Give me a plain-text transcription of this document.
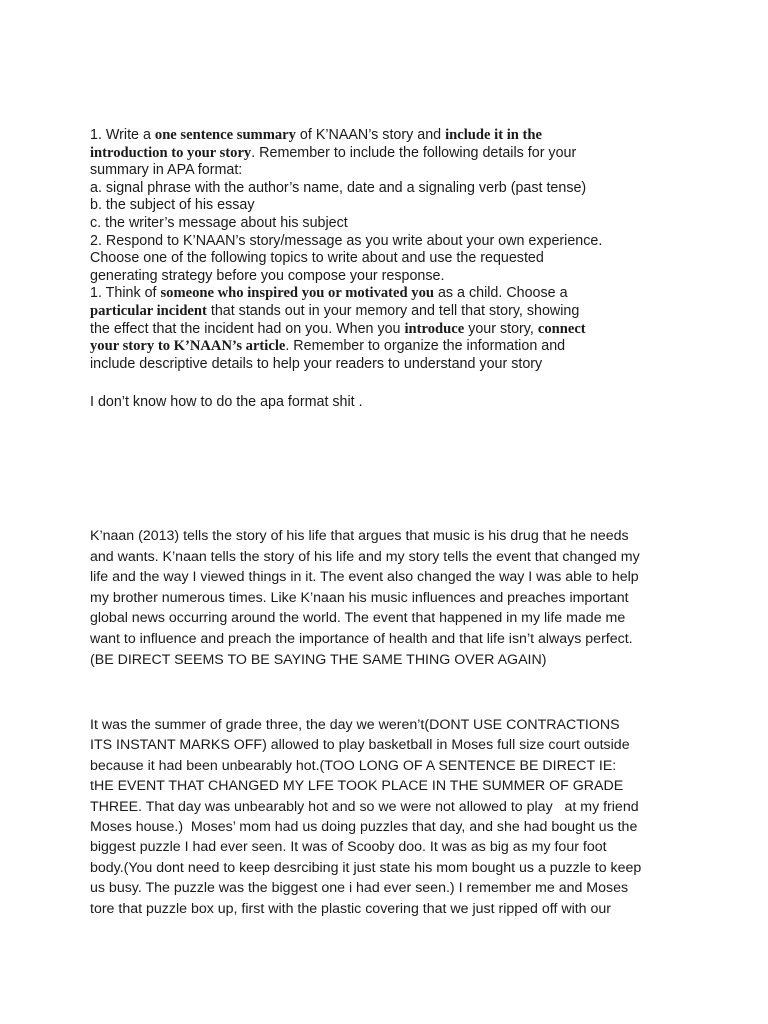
1. Write a one sentence summary of K’NAAN’s story and include it in the
introduction to your story. Remember to include the following details for your
summary in APA format:
a. signal phrase with the author’s name, date and a signaling verb (past tense)
b. the subject of his essay
c. the writer’s message about his subject
2. Respond to K’NAAN’s story/message as you write about your own experience.
Choose one of the following topics to write about and use the requested
generating strategy before you compose your response.
1. Think of someone who inspired you or motivated you as a child. Choose a
particular incident that stands out in your memory and tell that story, showing
the effect that the incident had on you. When you introduce your story, connect
your story to K’NAAN’s article. Remember to organize the information and
include descriptive details to help your readers to understand your story
I don’t know how to do the apa format shit .
K’naan (2013) tells the story of his life that argues that music is his drug that he needs
and wants. K’naan tells the story of his life and my story tells the event that changed my
life and the way I viewed things in it. The event also changed the way I was able to help
my brother numerous times. Like K’naan his music influences and preaches important
global news occurring around the world. The event that happened in my life made me
want to influence and preach the importance of health and that life isn’t always perfect.
(BE DIRECT SEEMS TO BE SAYING THE SAME THING OVER AGAIN)
It was the summer of grade three, the day we weren’t(DONT USE CONTRACTIONS
ITS INSTANT MARKS OFF) allowed to play basketball in Moses full size court outside
because it had been unbearably hot.(TOO LONG OF A SENTENCE BE DIRECT IE:
tHE EVENT THAT CHANGED MY LFE TOOK PLACE IN THE SUMMER OF GRADE
THREE. That day was unbearably hot and so we were not allowed to play   at my friend
Moses house.)  Moses’ mom had us doing puzzles that day, and she had bought us the
biggest puzzle I had ever seen. It was of Scooby doo. It was as big as my four foot
body.(You dont need to keep desrcibing it just state his mom bought us a puzzle to keep
us busy. The puzzle was the biggest one i had ever seen.) I remember me and Moses
tore that puzzle box up, first with the plastic covering that we just ripped off with our
